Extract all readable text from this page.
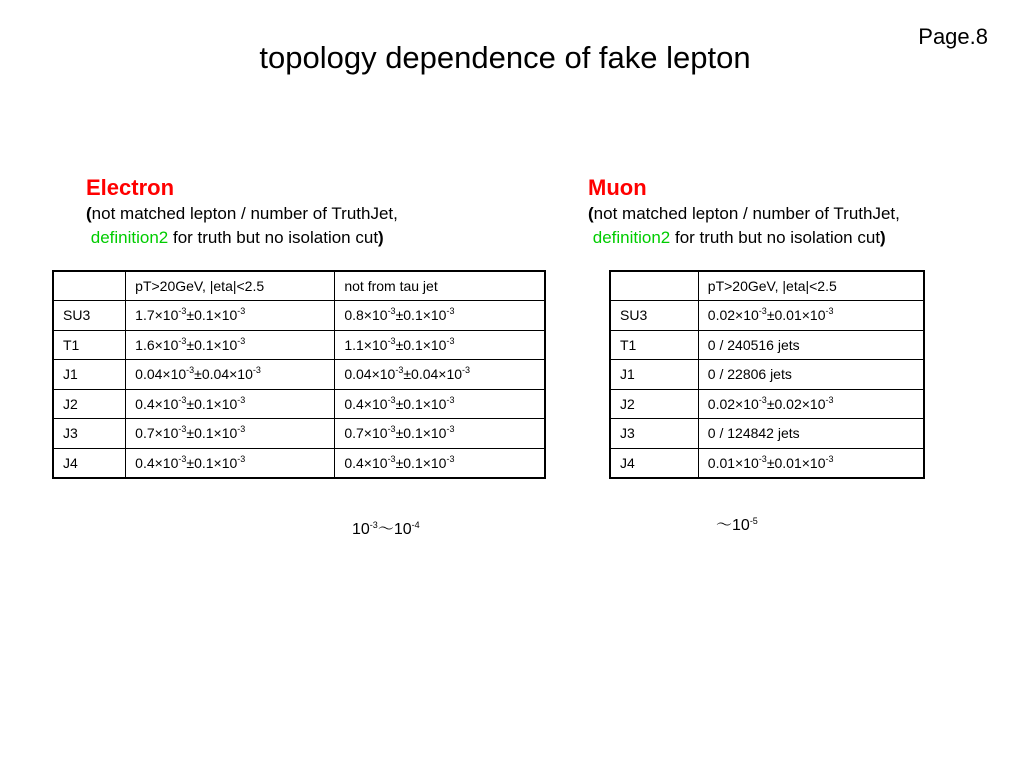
Page.8
topology dependence of fake lepton
Electron
(not matched lepton / number of TruthJet,
definition2 for truth but no isolation cut)
	pT>20GeV, |eta|<2.5	not from tau jet
SU3	$1.7\times 10^{-3}\pm 0.1\times 10^{-3}$	$0.8\times 10^{-3}\pm 0.1\times 10^{-3}$
T1	$1.6\times 10^{-3}\pm 0.1\times 10^{-3}$	$1.1\times 10^{-3}\pm 0.1\times 10^{-3}$
J1	$0.04\times 10^{-3}\pm 0.04\times 10^{-3}$	$0.04\times 10^{-3}\pm 0.04\times 10^{-3}$
J2	$0.4\times 10^{-3}\pm 0.1\times 10^{-3}$	$0.4\times 10^{-3}\pm 0.1\times 10^{-3}$
J3	$0.7\times 10^{-3}\pm 0.1\times 10^{-3}$	$0.7\times 10^{-3}\pm 0.1\times 10^{-3}$
J4	$0.4\times 10^{-3}\pm 0.1\times 10^{-3}$	$0.4\times 10^{-3}\pm 0.1\times 10^{-3}$
Muon
(not matched lepton / number of TruthJet,
definition2 for truth but no isolation cut)
	pT>20GeV, |eta|<2.5
SU3	$0.02\times 10^{-3}\pm 0.01\times 10^{-3}$
T1	0 / 240516 jets
J1	0 / 22806 jets
J2	$0.02\times 10^{-3}\pm 0.02\times 10^{-3}$
J3	0 / 124842 jets
J4	$0.01\times 10^{-3}\pm 0.01\times 10^{-3}$
$10^{-3}\sim 10^{-4}$	$\sim 10^{-5}$
